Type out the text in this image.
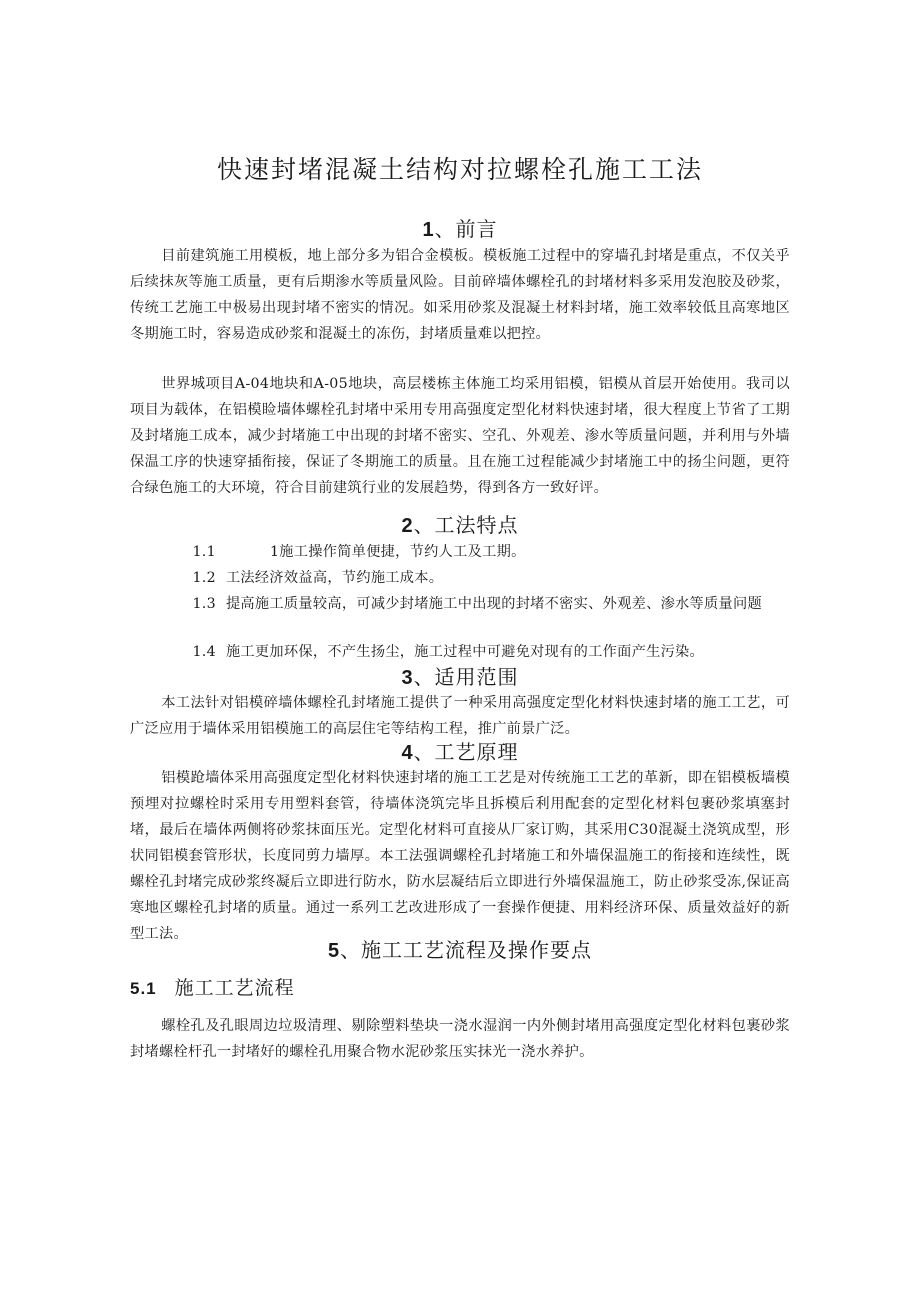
快速封堵混凝土结构对拉螺栓孔施工工法
1、前言

目前建筑施工用模板，地上部分多为铝合金模板。模板施工过程中的穿墙孔封堵是重点，不仅关乎后续抹灰等施工质量，更有后期渗水等质量风险。目前碎墙体螺栓孔的封堵材料多采用发泡胶及砂浆，传统工艺施工中极易出现封堵不密实的情况。如采用砂浆及混凝土材料封堵，施工效率较低且高寒地区冬期施工时，容易造成砂浆和混凝土的冻伤，封堵质量难以把控。

世界城项目A-04地块和A-05地块，高层楼栋主体施工均采用铝模，铝模从首层开始使用。我司以项目为载体，在铝模睑墙体螺栓孔封堵中采用专用高强度定型化材料快速封堵，很大程度上节省了工期及封堵施工成本，减少封堵施工中出现的封堵不密实、空孔、外观差、渗水等质量问题，并利用与外墙保温工序的快速穿插衔接，保证了冬期施工的质量。且在施工过程能减少封堵施工中的扬尘问题，更符合绿色施工的大环境，符合目前建筑行业的发展趋势，得到各方一致好评。

2、工法特点

1.1	1施工操作简单便捷，节约人工及工期。

1.2 工法经济效益高，节约施工成本。

1.3 提高施工质量较高，可减少封堵施工中出现的封堵不密实、外观差、渗水等质量问题

1.4 施工更加环保，不产生扬尘，施工过程中可避免对现有的工作面产生污染。

3、适用范围

本工法针对铝模碎墙体螺栓孔封堵施工提供了一种采用高强度定型化材料快速封堵的施工工艺，可广泛应用于墙体采用铝模施工的高层住宅等结构工程，推广前景广泛。

4、工艺原理

铝模跄墙体采用高强度定型化材料快速封堵的施工工艺是对传统施工工艺的革新，即在铝模板墙模预埋对拉螺栓时采用专用塑料套管，待墙体浇筑完毕且拆模后利用配套的定型化材料包裹砂浆填塞封堵，最后在墙体两侧将砂浆抹面压光。定型化材料可直接从厂家订购，其采用C30混凝土浇筑成型，形状同铝模套管形状，长度同剪力墙厚。本工法强调螺栓孔封堵施工和外墙保温施工的衔接和连续性，既螺栓孔封堵完成砂浆终凝后立即进行防水，防水层凝结后立即进行外墙保温施工，防止砂浆受冻,保证高寒地区螺栓孔封堵的质量。通过一系列工艺改进形成了一套操作便捷、用料经济环保、质量效益好的新型工法。

5、施工工艺流程及操作要点
5.1 施工工艺流程

螺栓孔及孔眼周边垃圾清理、剔除塑料垫块一浇水湿润一内外侧封堵用高强度定型化材料包裹砂浆封堵螺栓杆孔一封堵好的螺栓孔用聚合物水泥砂浆压实抹光一浇水养护。
